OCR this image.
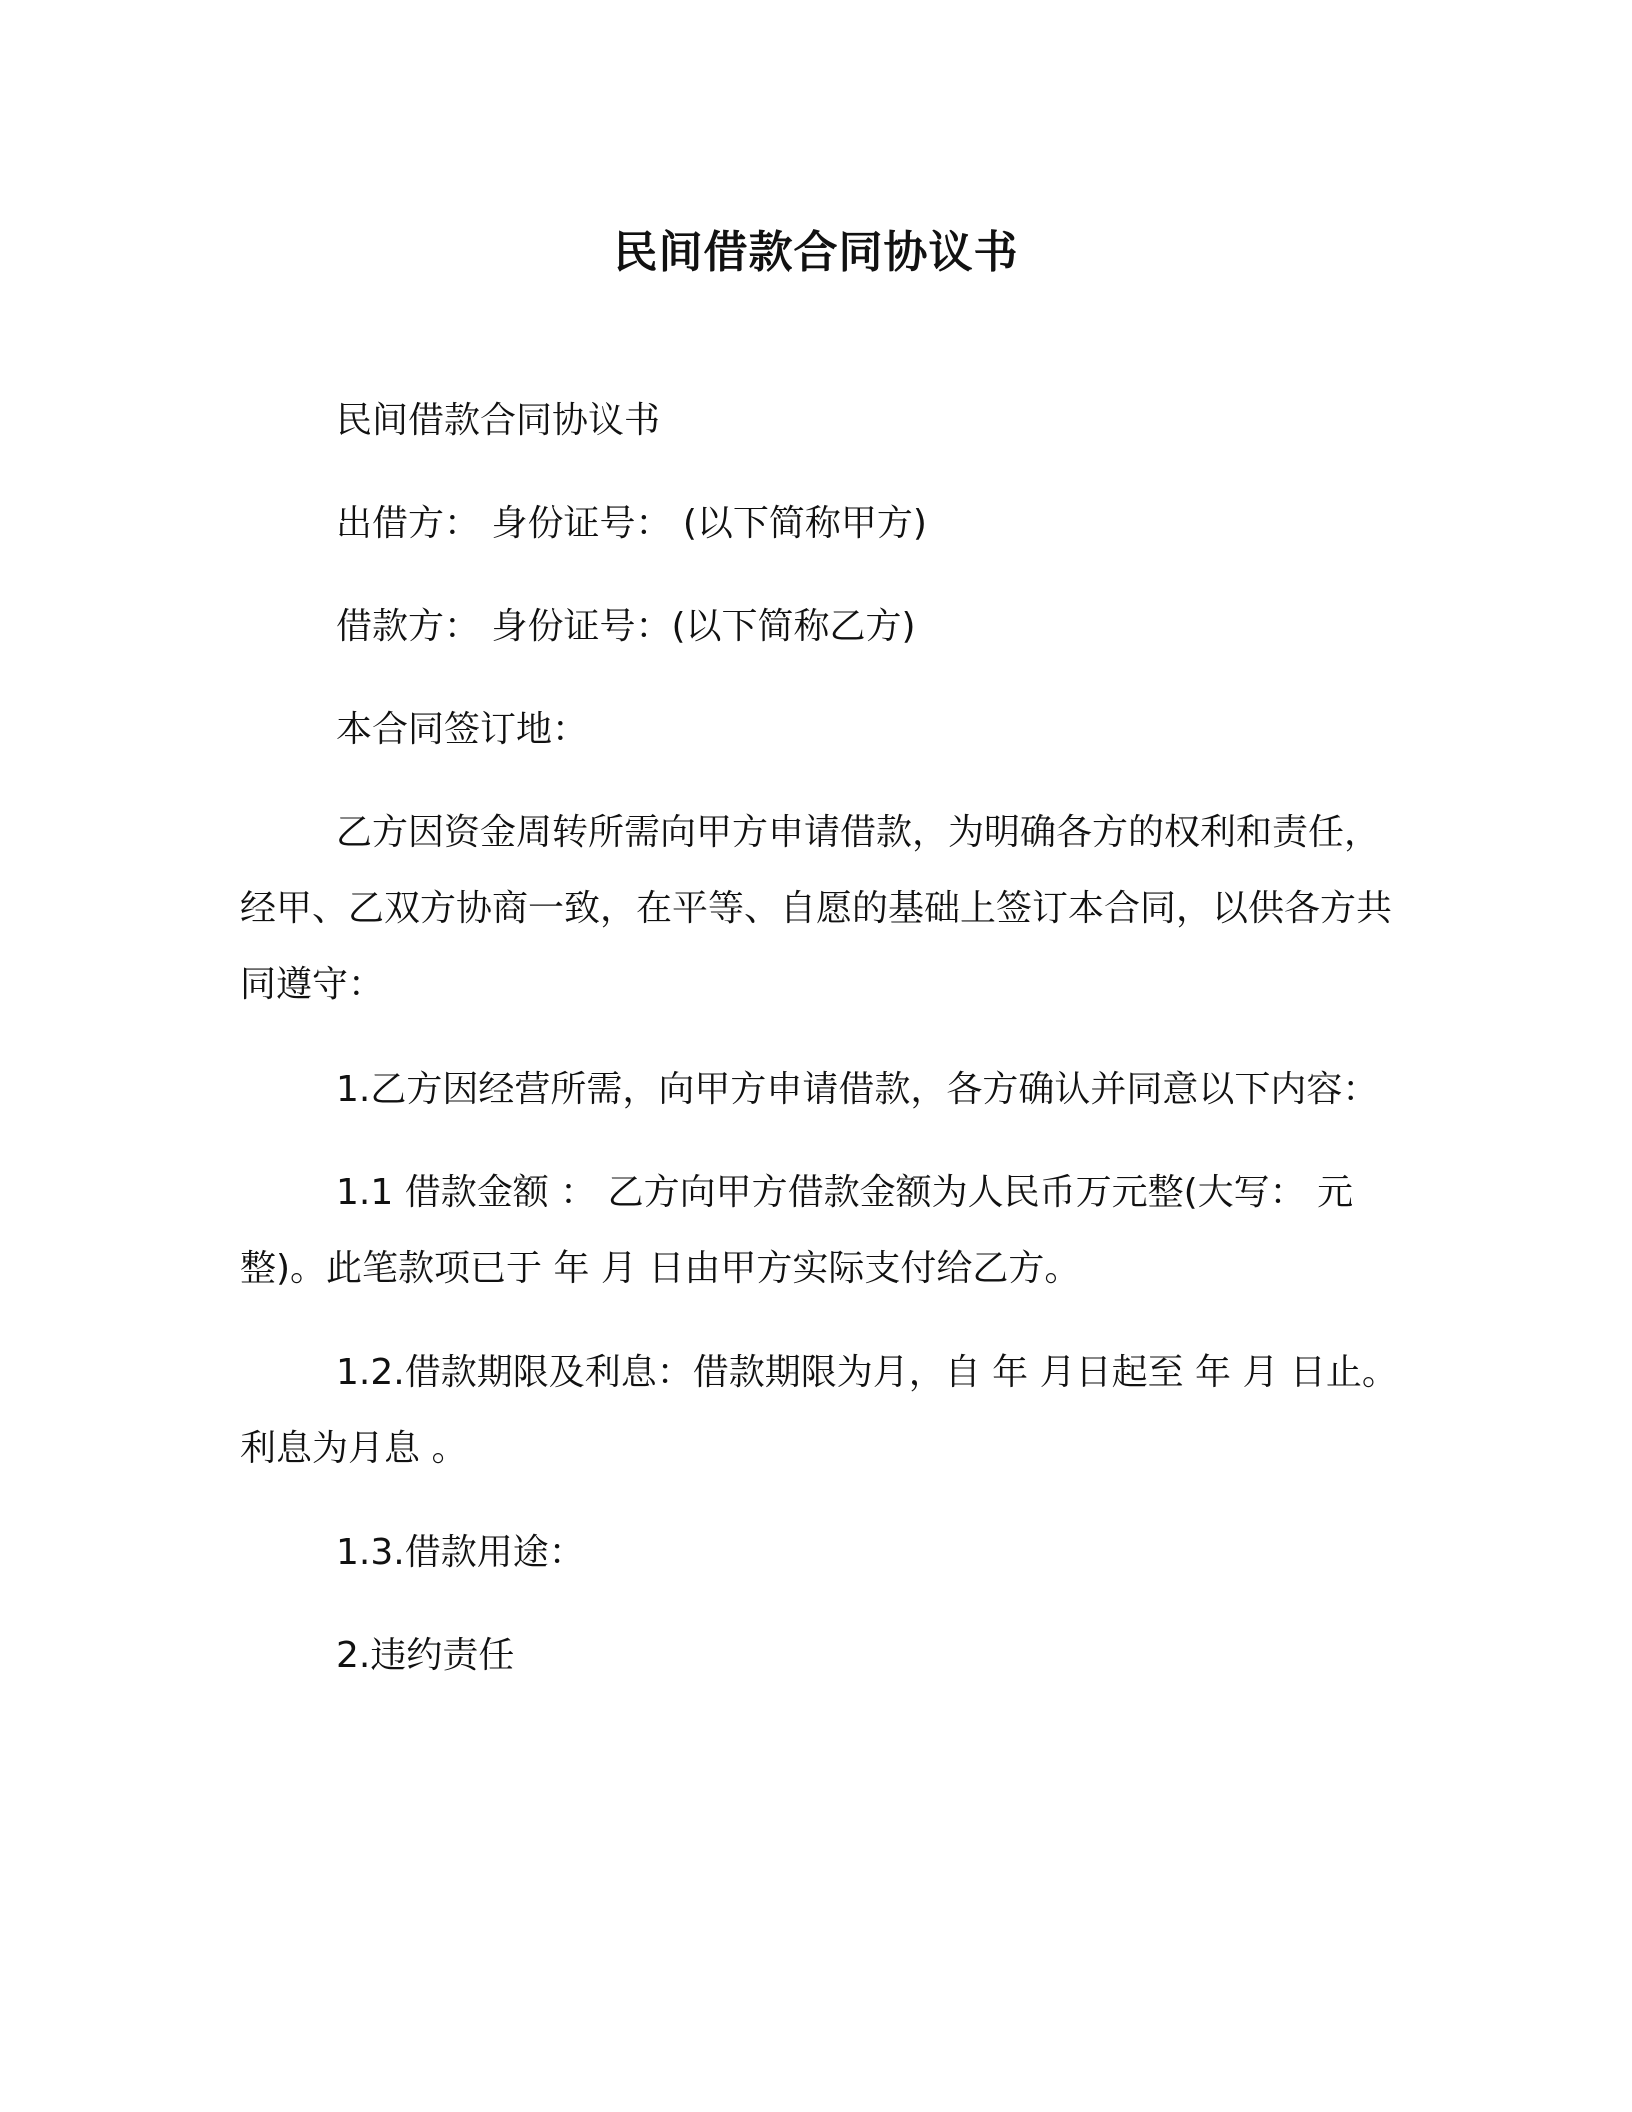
民间借款合同协议书

民间借款合同协议书

出借方： 身份证号： (以下简称甲方)

借款方： 身份证号：(以下简称乙方)

本合同签订地：

乙方因资金周转所需向甲方申请借款，为明确各方的权利和责任，经甲、乙双方协商一致，在平等、自愿的基础上签订本合同，以供各方共同遵守：

1.乙方因经营所需，向甲方申请借款，各方确认并同意以下内容：

1.1 借款金额 ： 乙方向甲方借款金额为人民币万元整(大写： 元整)。此笔款项已于 年 月 日由甲方实际支付给乙方。

1.2.借款期限及利息：借款期限为月，自 年 月日起至 年 月 日止。利息为月息 。

1.3.借款用途：

2.违约责任
